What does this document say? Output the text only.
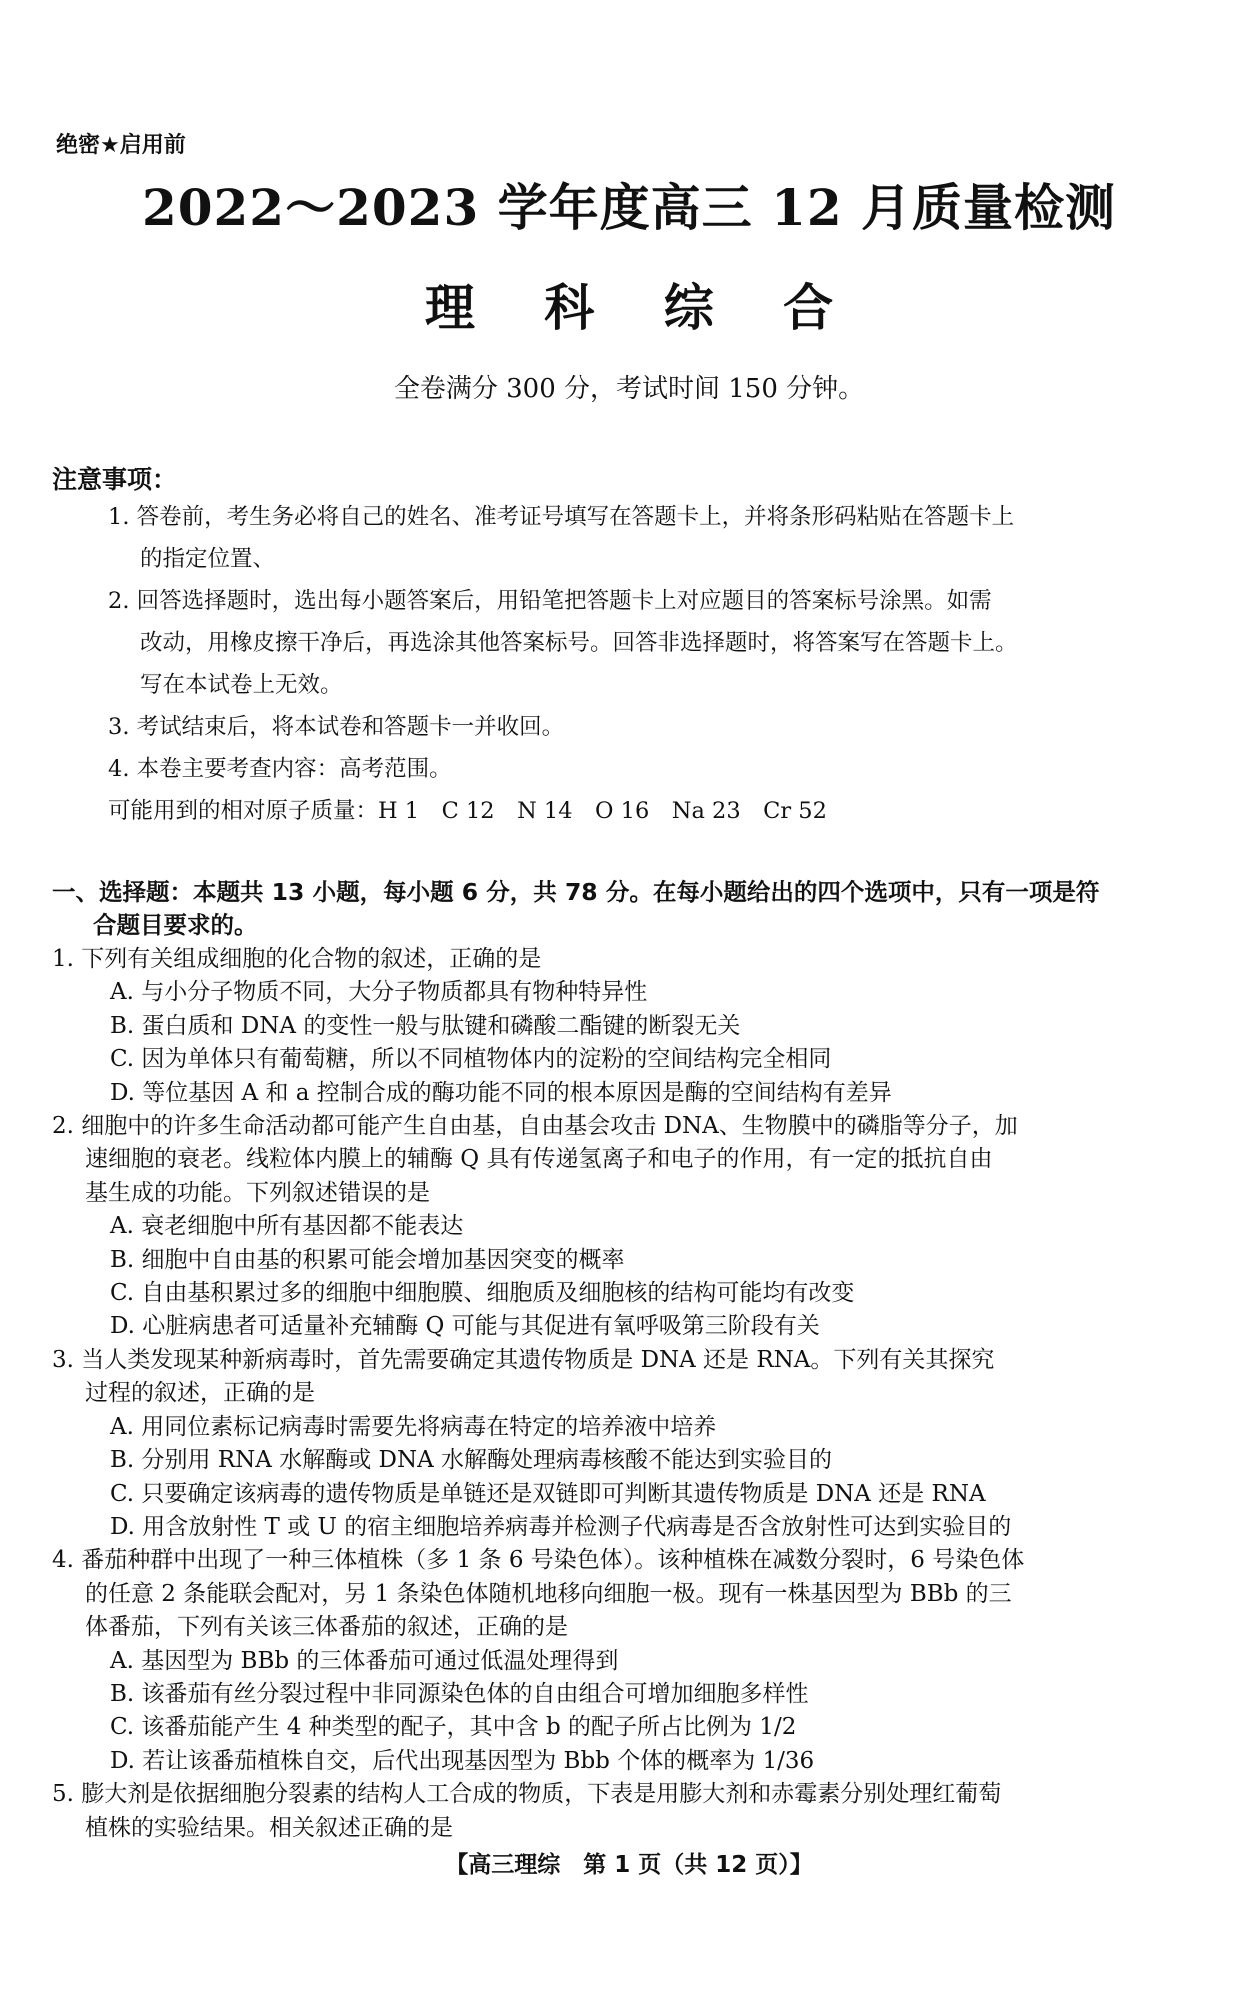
绝密★启用前
2022～2023 学年度高三 12 月质量检测
理 科 综 合
全卷满分 300 分，考试时间 150 分钟。
注意事项：
1. 答卷前，考生务必将自己的姓名、准考证号填写在答题卡上，并将条形码粘贴在答题卡上
的指定位置、
2. 回答选择题时，选出每小题答案后，用铅笔把答题卡上对应题目的答案标号涂黑。如需
改动，用橡皮擦干净后，再选涂其他答案标号。回答非选择题时，将答案写在答题卡上。
写在本试卷上无效。
3. 考试结束后，将本试卷和答题卡一并收回。
4. 本卷主要考查内容：高考范围。
可能用到的相对原子质量：H 1　C 12　N 14　O 16　Na 23　Cr 52
一、选择题：本题共 13 小题，每小题 6 分，共 78 分。在每小题给出的四个选项中，只有一项是符
合题目要求的。
1. 下列有关组成细胞的化合物的叙述，正确的是
A. 与小分子物质不同，大分子物质都具有物种特异性
B. 蛋白质和 DNA 的变性一般与肽键和磷酸二酯键的断裂无关
C. 因为单体只有葡萄糖，所以不同植物体内的淀粉的空间结构完全相同
D. 等位基因 A 和 a 控制合成的酶功能不同的根本原因是酶的空间结构有差异
2. 细胞中的许多生命活动都可能产生自由基，自由基会攻击 DNA、生物膜中的磷脂等分子，加
速细胞的衰老。线粒体内膜上的辅酶 Q 具有传递氢离子和电子的作用，有一定的抵抗自由
基生成的功能。下列叙述错误的是
A. 衰老细胞中所有基因都不能表达
B. 细胞中自由基的积累可能会增加基因突变的概率
C. 自由基积累过多的细胞中细胞膜、细胞质及细胞核的结构可能均有改变
D. 心脏病患者可适量补充辅酶 Q 可能与其促进有氧呼吸第三阶段有关
3. 当人类发现某种新病毒时，首先需要确定其遗传物质是 DNA 还是 RNA。下列有关其探究
过程的叙述，正确的是
A. 用同位素标记病毒时需要先将病毒在特定的培养液中培养
B. 分别用 RNA 水解酶或 DNA 水解酶处理病毒核酸不能达到实验目的
C. 只要确定该病毒的遗传物质是单链还是双链即可判断其遗传物质是 DNA 还是 RNA
D. 用含放射性 T 或 U 的宿主细胞培养病毒并检测子代病毒是否含放射性可达到实验目的
4. 番茄种群中出现了一种三体植株（多 1 条 6 号染色体）。该种植株在减数分裂时，6 号染色体
的任意 2 条能联会配对，另 1 条染色体随机地移向细胞一极。现有一株基因型为 BBb 的三
体番茄，下列有关该三体番茄的叙述，正确的是
A. 基因型为 BBb 的三体番茄可通过低温处理得到
B. 该番茄有丝分裂过程中非同源染色体的自由组合可增加细胞多样性
C. 该番茄能产生 4 种类型的配子，其中含 b 的配子所占比例为 1/2
D. 若让该番茄植株自交，后代出现基因型为 Bbb 个体的概率为 1/36
5. 膨大剂是依据细胞分裂素的结构人工合成的物质，下表是用膨大剂和赤霉素分别处理红葡萄
植株的实验结果。相关叙述正确的是
【高三理综　第 1 页（共 12 页）】
